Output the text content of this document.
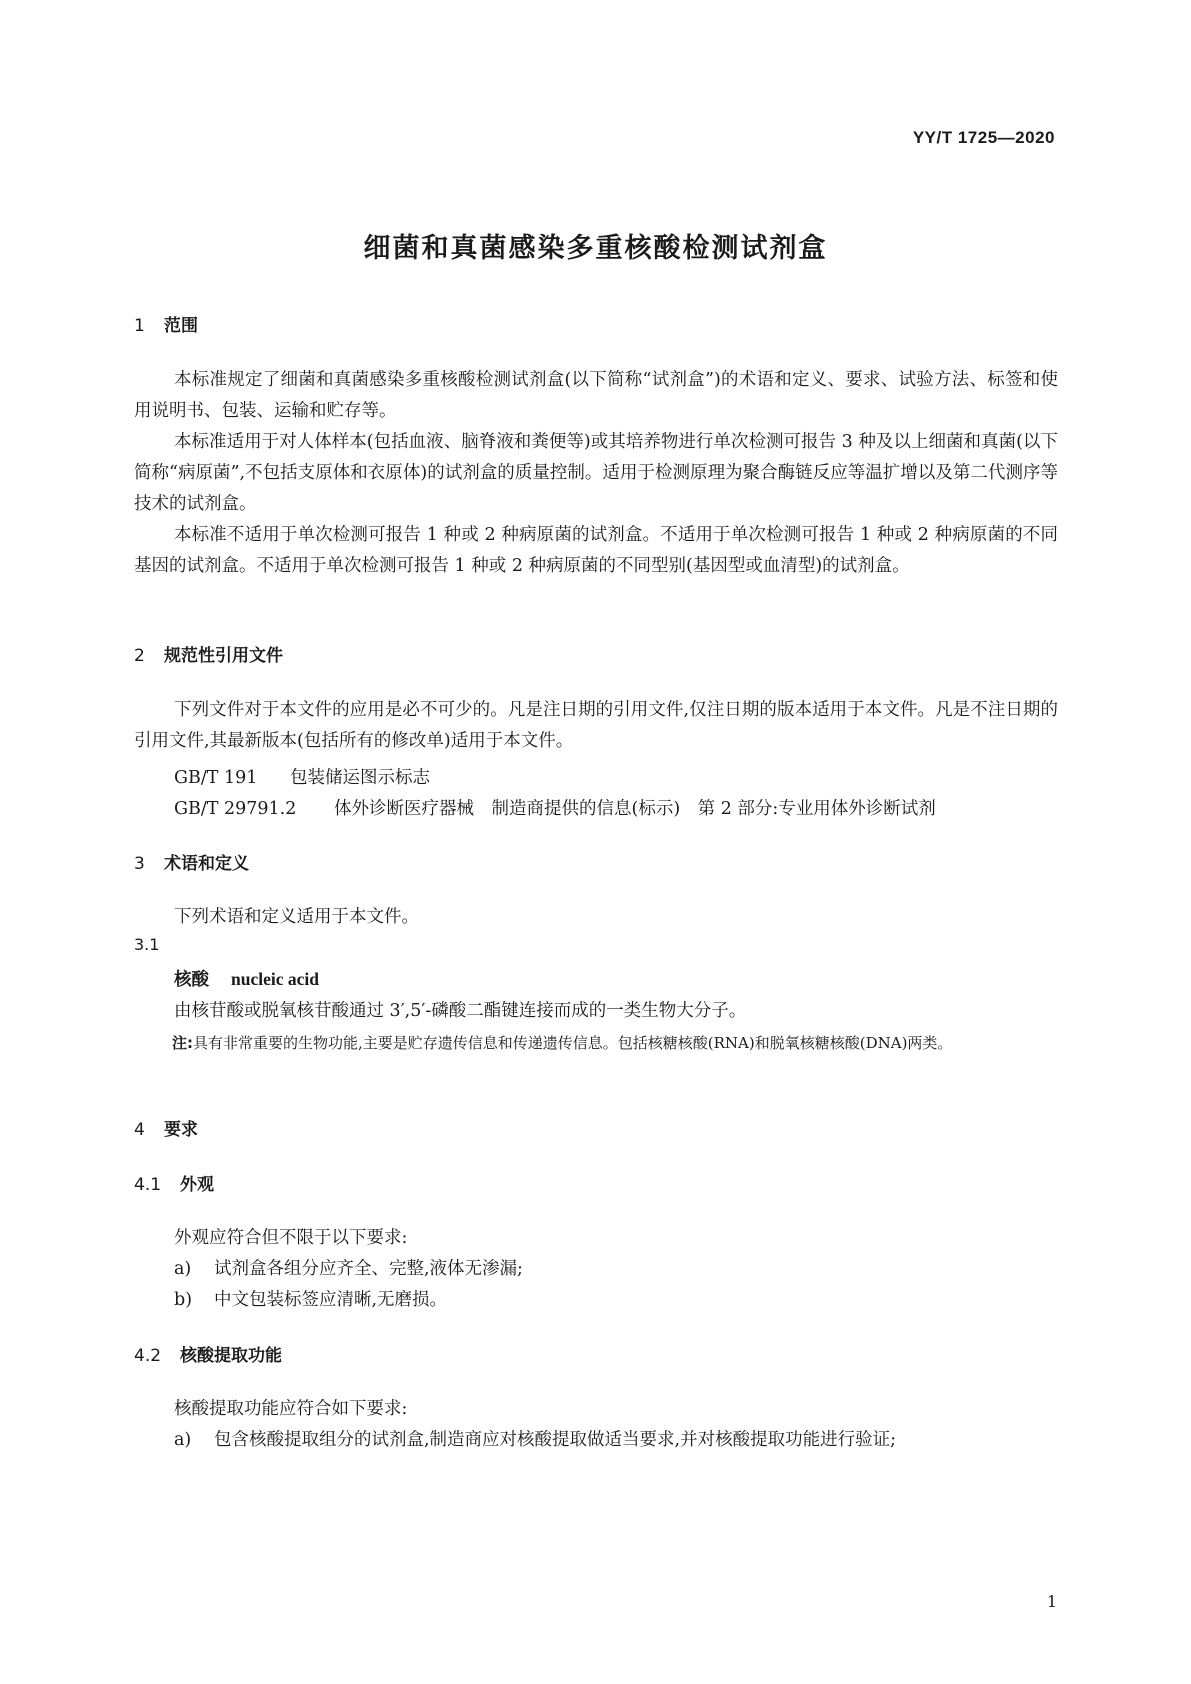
YY/T 1725—2020
细菌和真菌感染多重核酸检测试剂盒
1 范围
本标准规定了细菌和真菌感染多重核酸检测试剂盒(以下简称“试剂盒”)的术语和定义、要求、试验方法、标签和使用说明书、包装、运输和贮存等。
本标准适用于对人体样本(包括血液、脑脊液和粪便等)或其培养物进行单次检测可报告 3 种及以上细菌和真菌(以下简称“病原菌”,不包括支原体和衣原体)的试剂盒的质量控制。适用于检测原理为聚合酶链反应等温扩增以及第二代测序等技术的试剂盒。
本标准不适用于单次检测可报告 1 种或 2 种病原菌的试剂盒。不适用于单次检测可报告 1 种或 2 种病原菌的不同基因的试剂盒。不适用于单次检测可报告 1 种或 2 种病原菌的不同型别(基因型或血清型)的试剂盒。
2 规范性引用文件
下列文件对于本文件的应用是必不可少的。凡是注日期的引用文件,仅注日期的版本适用于本文件。凡是不注日期的引用文件,其最新版本(包括所有的修改单)适用于本文件。
GB/T 191 包装储运图示标志
GB/T 29791.2 体外诊断医疗器械　制造商提供的信息(标示)　第 2 部分:专业用体外诊断试剂
3 术语和定义
下列术语和定义适用于本文件。
3.1
核酸 nucleic acid
由核苷酸或脱氧核苷酸通过 3′,5′-磷酸二酯键连接而成的一类生物大分子。
注:具有非常重要的生物功能,主要是贮存遗传信息和传递遗传信息。包括核糖核酸(RNA)和脱氧核糖核酸(DNA)两类。
4 要求
4.1 外观
外观应符合但不限于以下要求:
a) 试剂盒各组分应齐全、完整,液体无渗漏;
b) 中文包装标签应清晰,无磨损。
4.2 核酸提取功能
核酸提取功能应符合如下要求:
a) 包含核酸提取组分的试剂盒,制造商应对核酸提取做适当要求,并对核酸提取功能进行验证;
1
